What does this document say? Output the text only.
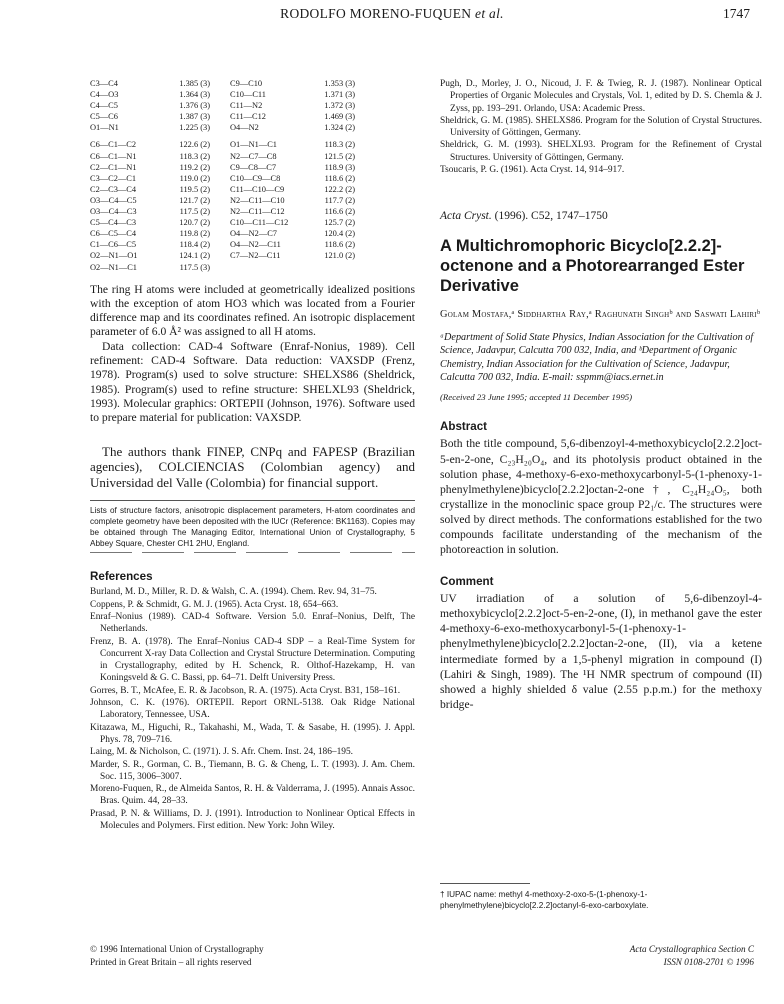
RODOLFO MORENO-FUQUEN et al.	1747
C3—C4	1.385 (3)	C9—C10	1.353 (3)
C4—O3	1.364 (3)	C10—C11	1.371 (3)
C4—C5	1.376 (3)	C11—N2	1.372 (3)
C5—C6	1.387 (3)	C11—C12	1.469 (3)
O1—N1	1.225 (3)	O4—N2	1.324 (2)

C6—C1—C2	122.6 (2)	O1—N1—C1	118.3 (2)
C6—C1—N1	118.3 (2)	N2—C7—C8	121.5 (2)
C2—C1—N1	119.2 (2)	C9—C8—C7	118.9 (3)
C3—C2—C1	119.0 (2)	C10—C9—C8	118.6 (2)
C2—C3—C4	119.5 (2)	C11—C10—C9	122.2 (2)
O3—C4—C5	121.7 (2)	N2—C11—C10	117.7 (2)
O3—C4—C3	117.5 (2)	N2—C11—C12	116.6 (2)
C5—C4—C3	120.7 (2)	C10—C11—C12	125.7 (2)
C6—C5—C4	119.8 (2)	O4—N2—C7	120.4 (2)
C1—C6—C5	118.4 (2)	O4—N2—C11	118.6 (2)
O2—N1—O1	124.1 (2)	C7—N2—C11	121.0 (2)
O2—N1—C1	117.5 (3)		

The ring H atoms were included at geometrically idealized positions with the exception of atom HO3 which was located from a Fourier difference map and its coordinates refined. An isotropic displacement parameter of 6.0 Å² was assigned to all H atoms.

Data collection: CAD-4 Software (Enraf-Nonius, 1989). Cell refinement: CAD-4 Software. Data reduction: VAXSDP (Frenz, 1978). Program(s) used to solve structure: SHELXS86 (Sheldrick, 1985). Program(s) used to refine structure: SHELXL93 (Sheldrick, 1993). Molecular graphics: ORTEPII (Johnson, 1976). Software used to prepare material for publication: VAXSDP.

The authors thank FINEP, CNPq and FAPESP (Brazilian agencies), COLCIENCIAS (Colombian agency) and Universidad del Valle (Colombia) for financial support.

Lists of structure factors, anisotropic displacement parameters, H-atom coordinates and complete geometry have been deposited with the IUCr (Reference: BK1163). Copies may be obtained through The Managing Editor, International Union of Crystallography, 5 Abbey Square, Chester CH1 2HU, England.
References
Burland, M. D., Miller, R. D. & Walsh, C. A. (1994). Chem. Rev. 94, 31–75.
Coppens, P. & Schmidt, G. M. J. (1965). Acta Cryst. 18, 654–663.
Enraf–Nonius (1989). CAD-4 Software. Version 5.0. Enraf–Nonius, Delft, The Netherlands.
Frenz, B. A. (1978). The Enraf–Nonius CAD-4 SDP – a Real-Time System for Concurrent X-ray Data Collection and Crystal Structure Determination. Computing in Crystallography, edited by H. Schenck, R. Olthof-Hazekamp, H. van Koningsveld & G. C. Bassi, pp. 64–71. Delft University Press.
Gorres, B. T., McAfee, E. R. & Jacobson, R. A. (1975). Acta Cryst. B31, 158–161.
Johnson, C. K. (1976). ORTEPII. Report ORNL-5138. Oak Ridge National Laboratory, Tennessee, USA.
Kitazawa, M., Higuchi, R., Takahashi, M., Wada, T. & Sasabe, H. (1995). J. Appl. Phys. 78, 709–716.
Laing, M. & Nicholson, C. (1971). J. S. Afr. Chem. Inst. 24, 186–195.
Marder, S. R., Gorman, C. B., Tiemann, B. G. & Cheng, L. T. (1993). J. Am. Chem. Soc. 115, 3006–3007.
Moreno-Fuquen, R., de Almeida Santos, R. H. & Valderrama, J. (1995). Annais Assoc. Bras. Quim. 44, 28–33.
Prasad, P. N. & Williams, D. J. (1991). Introduction to Nonlinear Optical Effects in Molecules and Polymers. First edition. New York: John Wiley.
© 1996 International Union of Crystallography
Printed in Great Britain – all rights reserved
Pugh, D., Morley, J. O., Nicoud, J. F. & Twieg, R. J. (1987). Nonlinear Optical Properties of Organic Molecules and Crystals, Vol. 1, edited by D. S. Chemla & J. Zyss, pp. 193–291. Orlando, USA: Academic Press.
Sheldrick, G. M. (1985). SHELXS86. Program for the Solution of Crystal Structures. University of Göttingen, Germany.
Sheldrick, G. M. (1993). SHELXL93. Program for the Refinement of Crystal Structures. University of Göttingen, Germany.
Tsoucaris, P. G. (1961). Acta Cryst. 14, 914–917.
Acta Cryst. (1996). C52, 1747–1750
A Multichromophoric Bicyclo[2.2.2]-octenone and a Photorearranged Ester Derivative
Golam Mostafa,ᵃ Siddhartha Ray,ᵃ Raghunath Singhᵇ and Saswati Lahiriᵇ
ᵃDepartment of Solid State Physics, Indian Association for the Cultivation of Science, Jadavpur, Calcutta 700 032, India, and ᵇDepartment of Organic Chemistry, Indian Association for the Cultivation of Science, Jadavpur, Calcutta 700 032, India. E-mail: sspmm@iacs.ernet.in
(Received 23 June 1995; accepted 11 December 1995)
Abstract

Both the title compound, 5,6-dibenzoyl-4-methoxybicyclo[2.2.2]oct-5-en-2-one, C₂₃H₂₀O₄, and its photolysis product obtained in the solution phase, 4-methoxy-6-exo-methoxycarbonyl-5-(1-phenoxy-1-phenylmethylene)bicyclo[2.2.2]octan-2-one†, C₂₄H₂₄O₅, both crystallize in the monoclinic space group P2₁/c. The structures were solved by direct methods. The conformations established for the two compounds facilitate understanding of the mechanism of the photoreaction in solution.

Comment

UV irradiation of a solution of 5,6-dibenzoyl-4-methoxybicyclo[2.2.2]oct-5-en-2-one, (I), in methanol gave the ester 4-methoxy-6-exo-methoxycarbonyl-5-(1-phenoxy-1-phenylmethylene)bicyclo[2.2.2]octan-2-one, (II), via a ketene intermediate formed by a 1,5-phenyl migration in compound (I) (Lahiri & Singh, 1989). The ¹H NMR spectrum of compound (II) showed a highly shielded δ value (2.55 p.p.m.) for the methoxy bridge-

† IUPAC name: methyl 4-methoxy-2-oxo-5-(1-phenoxy-1-phenylmethylene)bicyclo[2.2.2]octanyl-6-exo-carboxylate.
Acta Crystallographica Section C
ISSN 0108-2701 © 1996
